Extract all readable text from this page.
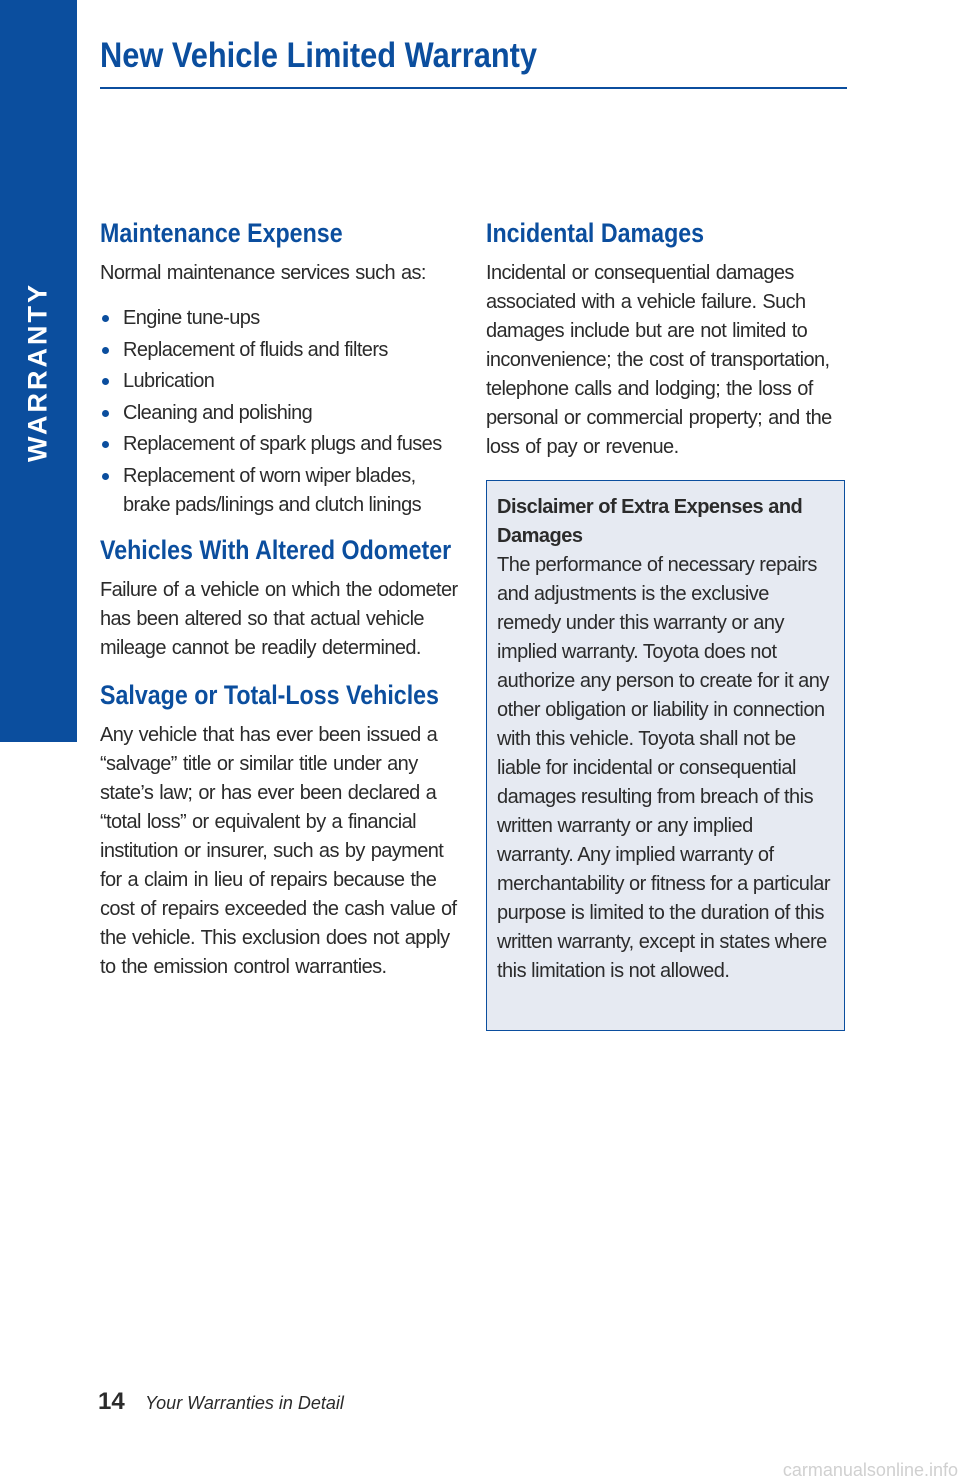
WARRANTY
New Vehicle Limited Warranty
Maintenance Expense

Normal maintenance services such as:

Engine tune-ups
Replacement of fluids and filters
Lubrication
Cleaning and polishing
Replacement of spark plugs and fuses
Replacement of worn wiper blades, brake pads/linings and clutch linings
Vehicles With Altered Odometer

Failure of a vehicle on which the odometer has been altered so that actual vehicle mileage cannot be readily determined.

Salvage or Total-Loss Vehicles

Any vehicle that has ever been issued a “salvage” title or similar title under any state’s law; or has ever been declared a “total loss” or equivalent by a financial institution or insurer, such as by payment for a claim in lieu of repairs because the cost of repairs exceeded the cash value of the vehicle. This exclusion does not apply to the emission control warranties.

Incidental Damages

Incidental or consequential damages associated with a vehicle failure. Such damages include but are not limited to inconvenience; the cost of transportation, telephone calls and lodging; the loss of personal or commercial property; and the loss of pay or revenue.

Disclaimer of Extra Expenses and Damages
The performance of necessary repairs and adjustments is the exclusive remedy under this warranty or any implied warranty. Toyota does not authorize any person to create for it any other obligation or liability in connection with this vehicle. Toyota shall not be liable for incidental or consequential damages resulting from breach of this written warranty or any implied warranty. Any implied warranty of merchantability or fitness for a particular purpose is limited to the duration of this written warranty, except in states where this limitation is not allowed.
14 Your Warranties in Detail
carmanualsonline.info
